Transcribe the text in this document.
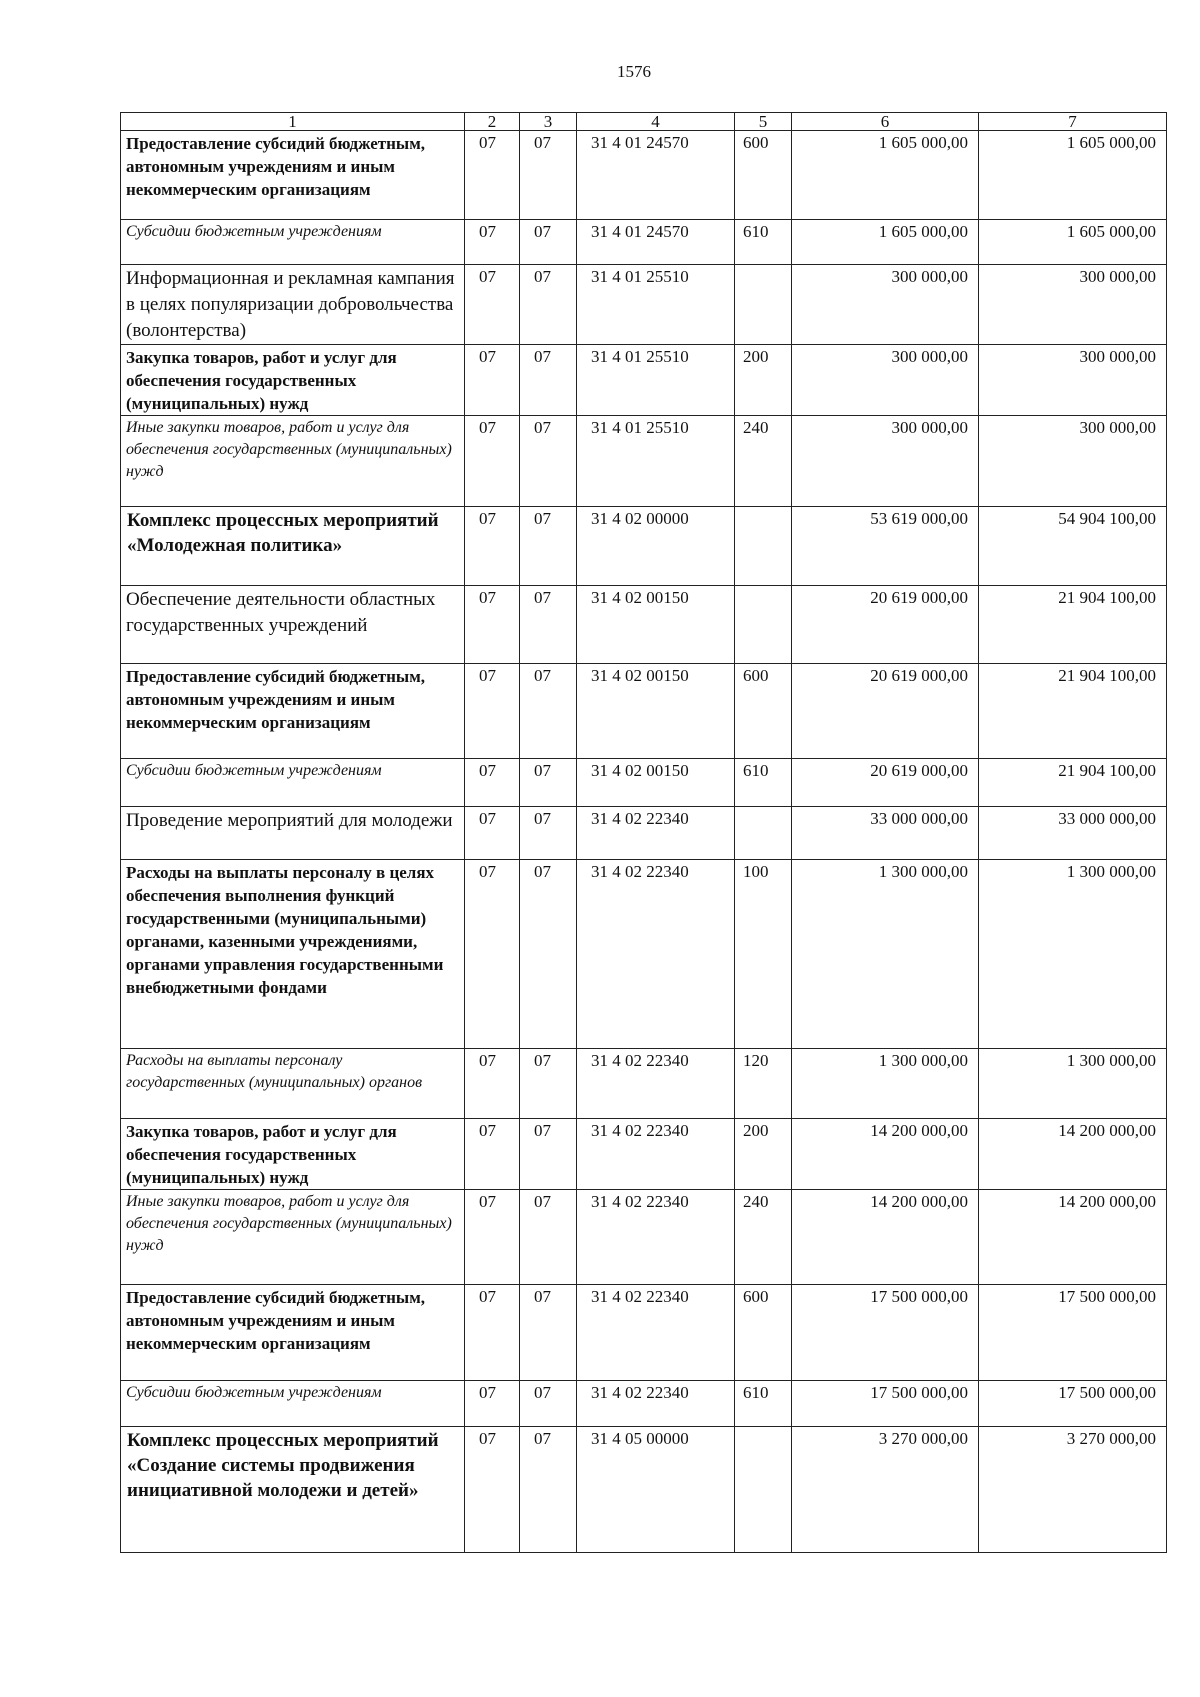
1576
1	2	3	4	5	6	7
Предоставление субсидий бюджетным, автономным учреждениям и иным некоммерческим организациям	07	07	31 4 01 24570	600	1 605 000,00	1 605 000,00
Субсидии бюджетным учреждениям	07	07	31 4 01 24570	610	1 605 000,00	1 605 000,00
Информационная и рекламная кампания в целях популяризации добровольчества (волонтерства)	07	07	31 4 01 25510		300 000,00	300 000,00
Закупка товаров, работ и услуг для обеспечения государственных (муниципальных) нужд	07	07	31 4 01 25510	200	300 000,00	300 000,00
Иные закупки товаров, работ и услуг для обеспечения государственных (муниципальных) нужд	07	07	31 4 01 25510	240	300 000,00	300 000,00
Комплекс процессных мероприятий «Молодежная политика»	07	07	31 4 02 00000		53 619 000,00	54 904 100,00
Обеспечение деятельности областных государственных учреждений	07	07	31 4 02 00150		20 619 000,00	21 904 100,00
Предоставление субсидий бюджетным, автономным учреждениям и иным некоммерческим организациям	07	07	31 4 02 00150	600	20 619 000,00	21 904 100,00
Субсидии бюджетным учреждениям	07	07	31 4 02 00150	610	20 619 000,00	21 904 100,00
Проведение мероприятий для молодежи	07	07	31 4 02 22340		33 000 000,00	33 000 000,00
Расходы на выплаты персоналу в целях обеспечения выполнения функций государственными (муниципальными) органами, казенными учреждениями, органами управления государственными внебюджетными фондами	07	07	31 4 02 22340	100	1 300 000,00	1 300 000,00
Расходы на выплаты персоналу государственных (муниципальных) органов	07	07	31 4 02 22340	120	1 300 000,00	1 300 000,00
Закупка товаров, работ и услуг для обеспечения государственных (муниципальных) нужд	07	07	31 4 02 22340	200	14 200 000,00	14 200 000,00
Иные закупки товаров, работ и услуг для обеспечения государственных (муниципальных) нужд	07	07	31 4 02 22340	240	14 200 000,00	14 200 000,00
Предоставление субсидий бюджетным, автономным учреждениям и иным некоммерческим организациям	07	07	31 4 02 22340	600	17 500 000,00	17 500 000,00
Субсидии бюджетным учреждениям	07	07	31 4 02 22340	610	17 500 000,00	17 500 000,00
Комплекс процессных мероприятий «Создание системы продвижения инициативной молодежи и детей»	07	07	31 4 05 00000		3 270 000,00	3 270 000,00
